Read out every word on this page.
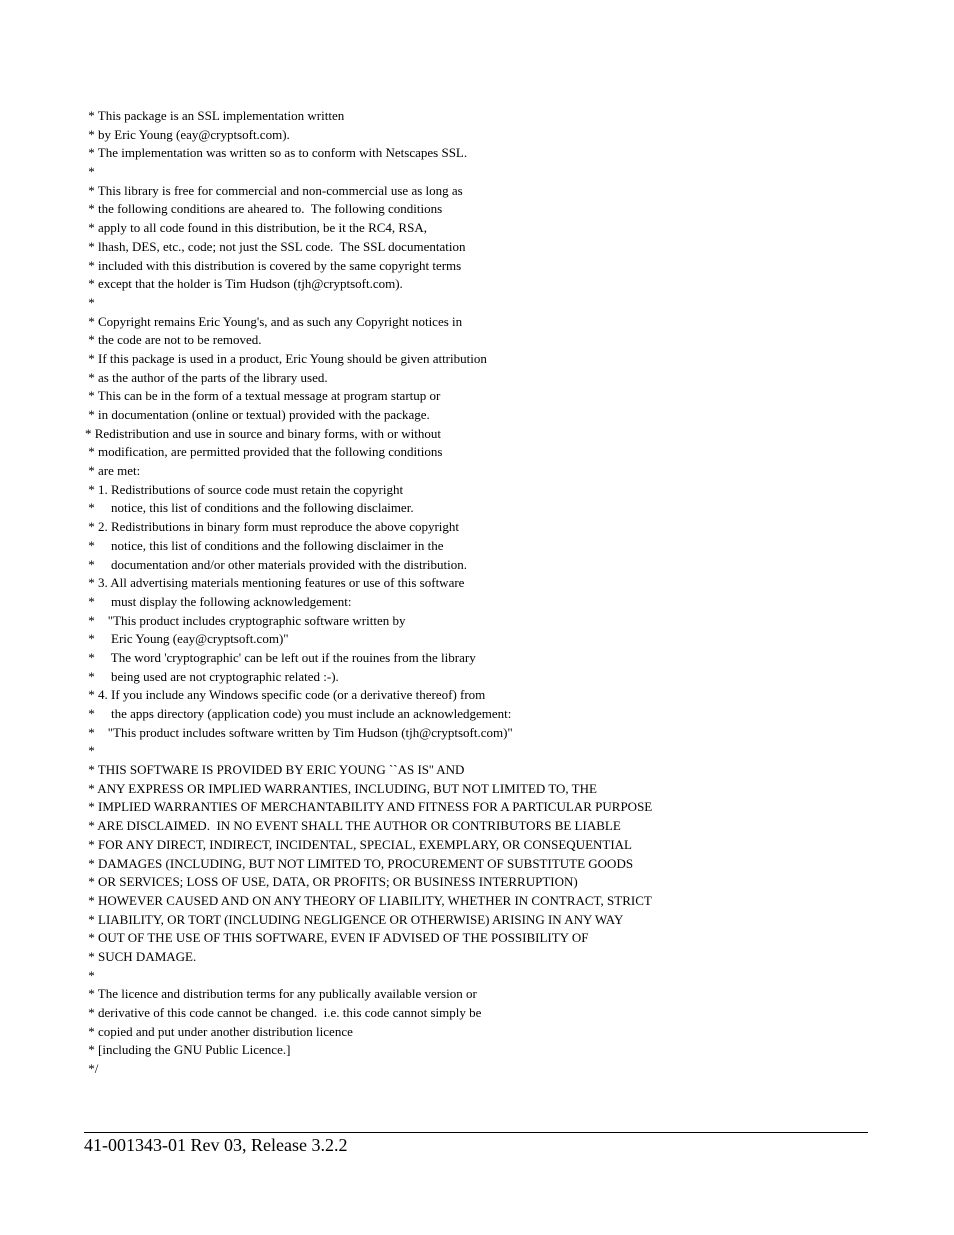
* This package is an SSL implementation written
* by Eric Young (eay@cryptsoft.com).
* The implementation was written so as to conform with Netscapes SSL.
*
* This library is free for commercial and non-commercial use as long as
* the following conditions are aheared to.  The following conditions
* apply to all code found in this distribution, be it the RC4, RSA,
* lhash, DES, etc., code; not just the SSL code.  The SSL documentation
* included with this distribution is covered by the same copyright terms
* except that the holder is Tim Hudson (tjh@cryptsoft.com).
*
* Copyright remains Eric Young's, and as such any Copyright notices in
* the code are not to be removed.
* If this package is used in a product, Eric Young should be given attribution
* as the author of the parts of the library used.
* This can be in the form of a textual message at program startup or
* in documentation (online or textual) provided with the package.
* Redistribution and use in source and binary forms, with or without
* modification, are permitted provided that the following conditions
* are met:
* 1. Redistributions of source code must retain the copyright
*     notice, this list of conditions and the following disclaimer.
* 2. Redistributions in binary form must reproduce the above copyright
*     notice, this list of conditions and the following disclaimer in the
*     documentation and/or other materials provided with the distribution.
* 3. All advertising materials mentioning features or use of this software
*     must display the following acknowledgement:
*    "This product includes cryptographic software written by
*     Eric Young (eay@cryptsoft.com)"
*     The word 'cryptographic' can be left out if the rouines from the library
*     being used are not cryptographic related :-).
* 4. If you include any Windows specific code (or a derivative thereof) from
*     the apps directory (application code) you must include an acknowledgement:
*    "This product includes software written by Tim Hudson (tjh@cryptsoft.com)"
*
* THIS SOFTWARE IS PROVIDED BY ERIC YOUNG ``AS IS'' AND
* ANY EXPRESS OR IMPLIED WARRANTIES, INCLUDING, BUT NOT LIMITED TO, THE
* IMPLIED WARRANTIES OF MERCHANTABILITY AND FITNESS FOR A PARTICULAR PURPOSE
* ARE DISCLAIMED.  IN NO EVENT SHALL THE AUTHOR OR CONTRIBUTORS BE LIABLE
* FOR ANY DIRECT, INDIRECT, INCIDENTAL, SPECIAL, EXEMPLARY, OR CONSEQUENTIAL
* DAMAGES (INCLUDING, BUT NOT LIMITED TO, PROCUREMENT OF SUBSTITUTE GOODS
* OR SERVICES; LOSS OF USE, DATA, OR PROFITS; OR BUSINESS INTERRUPTION)
* HOWEVER CAUSED AND ON ANY THEORY OF LIABILITY, WHETHER IN CONTRACT, STRICT
* LIABILITY, OR TORT (INCLUDING NEGLIGENCE OR OTHERWISE) ARISING IN ANY WAY
* OUT OF THE USE OF THIS SOFTWARE, EVEN IF ADVISED OF THE POSSIBILITY OF
* SUCH DAMAGE.
*
* The licence and distribution terms for any publically available version or
* derivative of this code cannot be changed.  i.e. this code cannot simply be
* copied and put under another distribution licence
* [including the GNU Public Licence.]
*/
41-001343-01 Rev 03, Release 3.2.2
